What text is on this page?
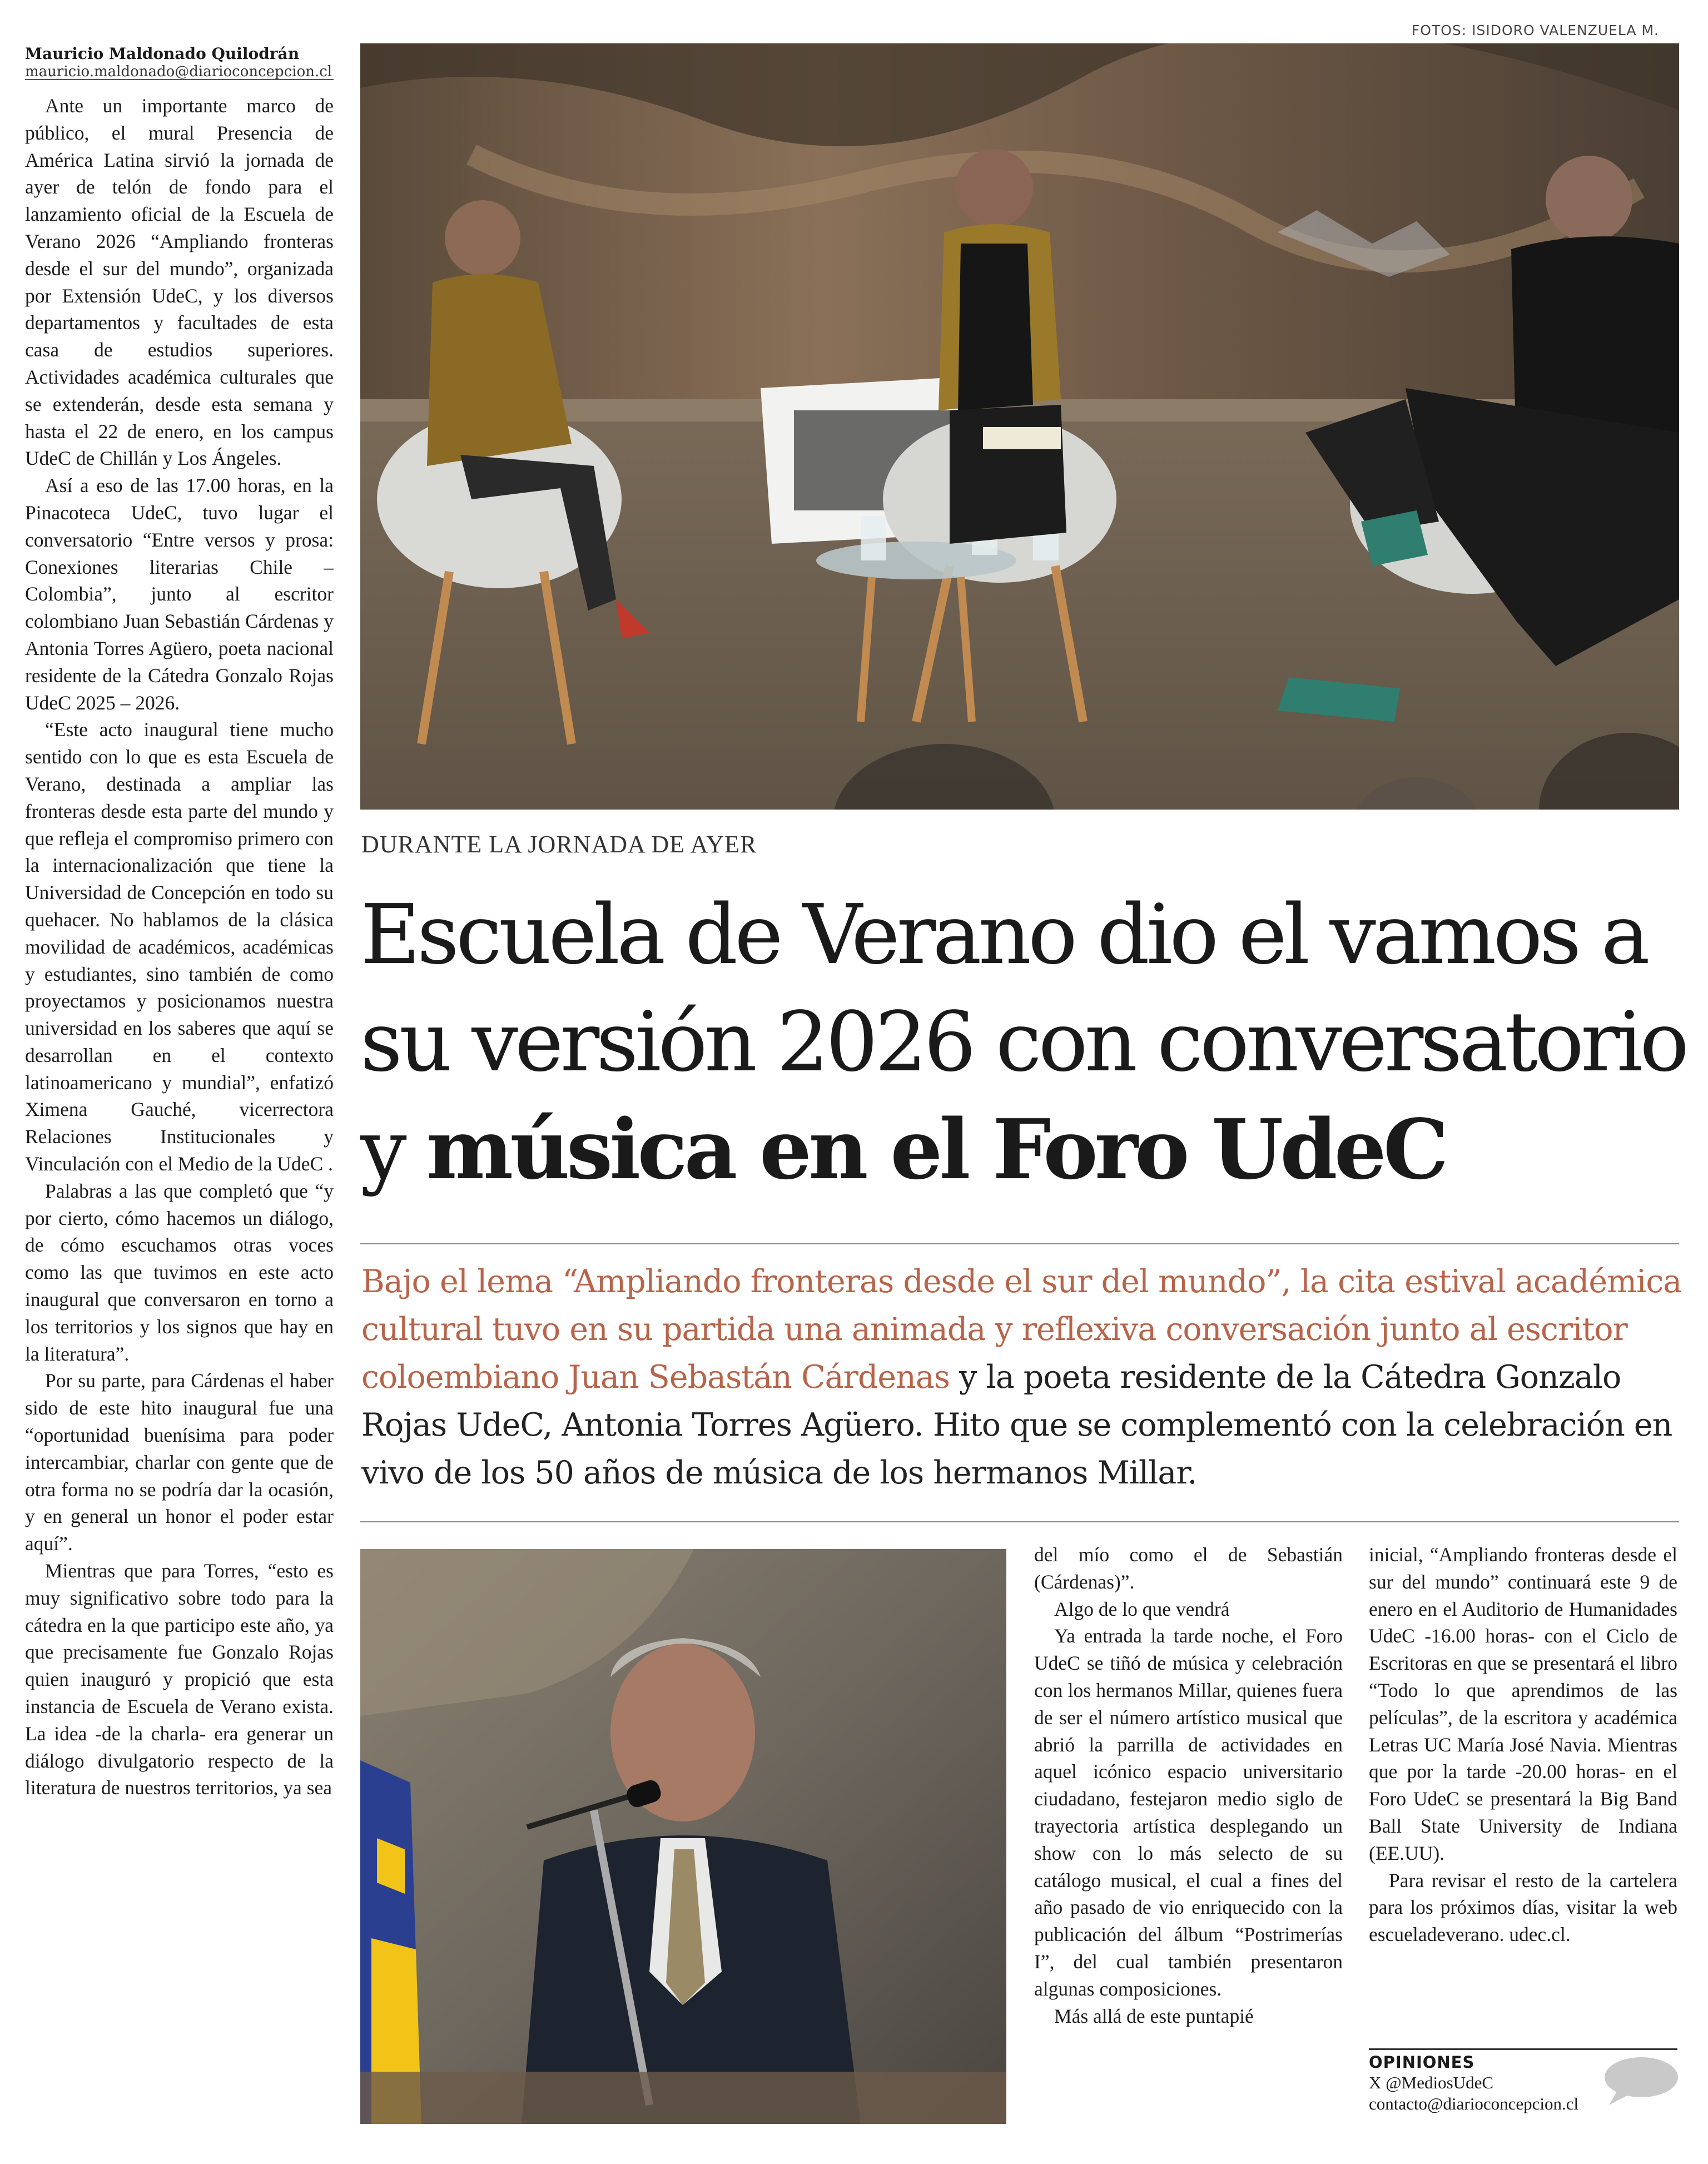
FOTOS: ISIDORO VALENZUELA M.
Mauricio Maldonado Quilodrán
mauricio.maldonado@diarioconcepcion.cl

Ante un importante marco de público, el mural Presencia de América Latina sirvió la jornada de ayer de telón de fondo para el lanzamiento oficial de la Escuela de Verano 2026 “Ampliando fronteras desde el sur del mundo”, organizada por Extensión UdeC, y los diversos departamentos y facultades de esta casa de estudios superiores. Actividades académica culturales que se extenderán, desde esta semana y hasta el 22 de enero, en los campus UdeC de Chillán y Los Ángeles.

Así a eso de las 17.00 horas, en la Pinacoteca UdeC, tuvo lugar el conversatorio “Entre versos y prosa: Conexiones literarias Chile – Colombia”, junto al escritor colombiano Juan Sebastián Cárdenas y Antonia Torres Agüero, poeta nacional residente de la Cátedra Gonzalo Rojas UdeC 2025 – 2026.

“Este acto inaugural tiene mucho sentido con lo que es esta Escuela de Verano, destinada a ampliar las fronteras desde esta parte del mundo y que refleja el compromiso primero con la internacionalización que tiene la Universidad de Concepción en todo su quehacer. No hablamos de la clásica movilidad de académicos, académicas y estudiantes, sino también de como proyectamos y posicionamos nuestra universidad en los saberes que aquí se desarrollan en el contexto latinoamericano y mundial”, enfatizó Ximena Gauché, vicerrectora Relaciones Institucionales y Vinculación con el Medio de la UdeC .

Palabras a las que completó que “y por cierto, cómo hacemos un diálogo, de cómo escuchamos otras voces como las que tuvimos en este acto inaugural que conversaron en torno a los territorios y los signos que hay en la literatura”.

Por su parte, para Cárdenas el haber sido de este hito inaugural fue una “oportunidad buenísima para poder intercambiar, charlar con gente que de otra forma no se podría dar la ocasión, y en general un honor el poder estar aquí”.

Mientras que para Torres, “esto es muy significativo sobre todo para la cátedra en la que participo este año, ya que precisamente fue Gonzalo Rojas quien inauguró y propició que esta instancia de Escuela de Verano exista. La idea -de la charla- era generar un diálogo divulgatorio respecto de la literatura de nuestros territorios, ya sea

DURANTE LA JORNADA DE AYER
Escuela de Verano dio el vamos a
su versión 2026 con conversatorio
y música en el Foro UdeC
Bajo el lema “Ampliando fronteras desde el sur del mundo”, la cita estival académica cultural tuvo en su partida una animada y reflexiva conversación junto al escritor coloembiano Juan Sebastán Cárdenas y la poeta residente de la Cátedra Gonzalo Rojas UdeC, Antonia Torres Agüero. Hito que se complementó con la celebración en vivo de los 50 años de música de los hermanos Millar.
del mío como el de Sebastián (Cárdenas)”.

Algo de lo que vendrá

Ya entrada la tarde noche, el Foro UdeC se tiñó de música y celebración con los hermanos Millar, quienes fuera de ser el número artístico musical que abrió la parrilla de actividades en aquel icónico espacio universitario ciudadano, festejaron medio siglo de trayectoria artística desplegando un show con lo más selecto de su catálogo musical, el cual a fines del año pasado de vio enriquecido con la publicación del álbum “Postrimerías I”, del cual también presentaron algunas composiciones.

Más allá de este puntapié

inicial, “Ampliando fronteras desde el sur del mundo” continuará este 9 de enero en el Auditorio de Humanidades UdeC -16.00 horas- con el Ciclo de Escritoras en que se presentará el libro “Todo lo que aprendimos de las películas”, de la escritora y académica Letras UC María José Navia. Mientras que por la tarde -20.00 horas- en el Foro UdeC se presentará la Big Band Ball State University de Indiana (EE.UU).

Para revisar el resto de la cartelera para los próximos días, visitar la web escueladeverano. udec.cl.

OPINIONES
X @MediosUdeC
contacto@diarioconcepcion.cl
